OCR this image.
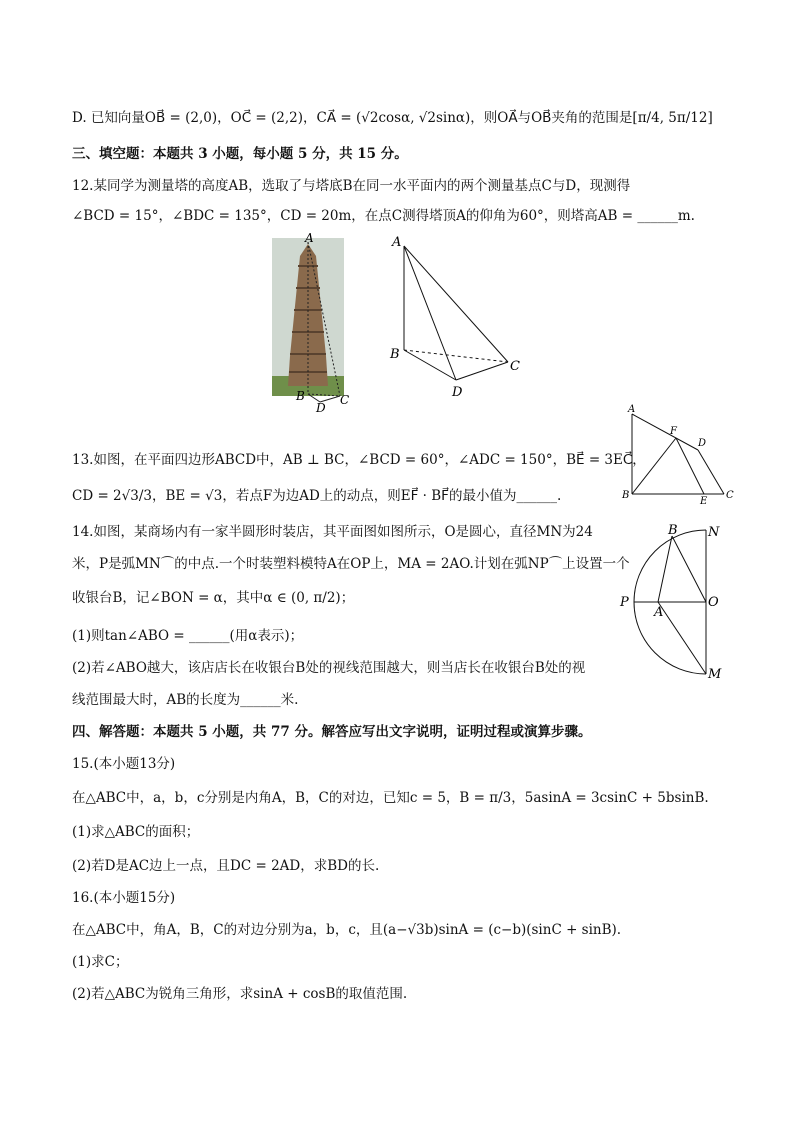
D. 已知向量OB⃗ = (2,0)，OC⃗ = (2,2)，CA⃗ = (√2cosα, √2sinα)，则OA⃗与OB⃗夹角的范围是[π/4, 5π/12]
三、填空题：本题共 3 小题，每小题 5 分，共 15 分。
12.某同学为测量塔的高度AB，选取了与塔底B在同一水平面内的两个测量基点C与D，现测得
∠BCD = 15°，∠BDC = 135°，CD = 20m，在点C测得塔顶A的仰角为60°，则塔高AB = ______m.
A
B
D
C
A
B
C
D
A
F
D
B
E
C
13.如图，在平面四边形ABCD中，AB ⊥ BC，∠BCD = 60°，∠ADC = 150°，BE⃗ = 3EC⃗，
CD = 2√3/3，BE = √3，若点F为边AD上的动点，则EF⃗ · BF⃗的最小值为______.
14.如图，某商场内有一家半圆形时装店，其平面图如图所示，O是圆心，直径MN为24
米，P是弧MN⌒的中点.一个时装塑料模特A在OP上，MA = 2AO.计划在弧NP⌒上设置一个
收银台B，记∠BON = α，其中α ∈ (0, π/2)；
(1)则tan∠ABO = ______(用α表示)；
(2)若∠ABO越大，该店店长在收银台B处的视线范围越大，则当店长在收银台B处的视
线范围最大时，AB的长度为______米.
B N
P
A
O
M
四、解答题：本题共 5 小题，共 77 分。解答应写出文字说明，证明过程或演算步骤。
15.(本小题13分)
在△ABC中，a，b，c分别是内角A，B，C的对边，已知c = 5，B = π/3，5asinA = 3csinC + 5bsinB.
(1)求△ABC的面积；
(2)若D是AC边上一点，且DC = 2AD，求BD的长.
16.(本小题15分)
在△ABC中，角A，B，C的对边分别为a，b，c，且(a−√3b)sinA = (c−b)(sinC + sinB).
(1)求C；
(2)若△ABC为锐角三角形，求sinA + cosB的取值范围.
